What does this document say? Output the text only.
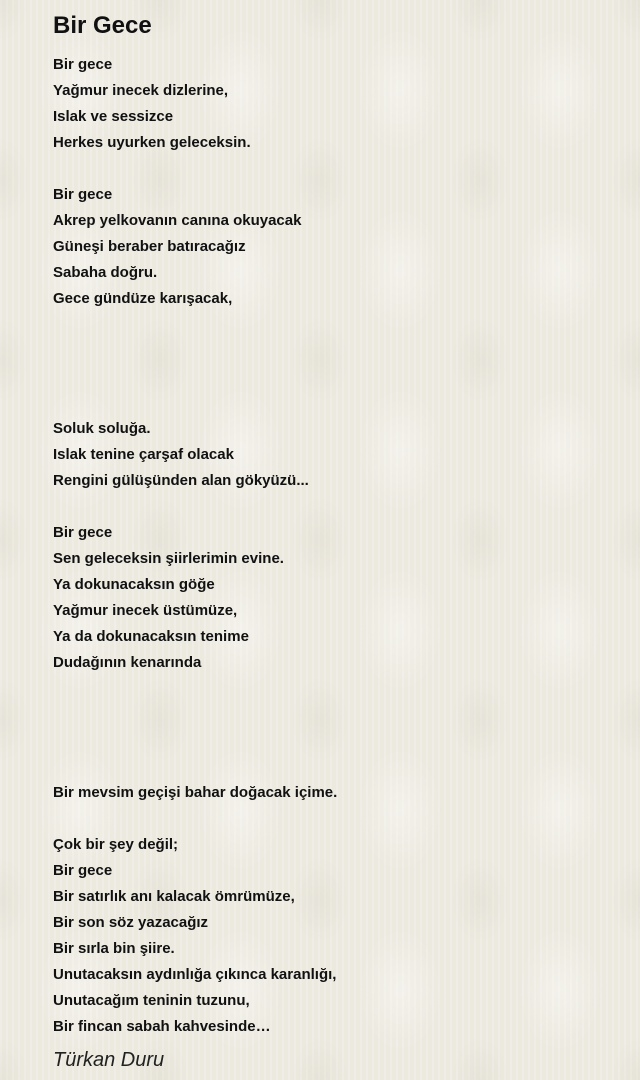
Bir Gece
Bir gece
Yağmur inecek dizlerine,
Islak ve sessizce
Herkes uyurken geleceksin.
Bir gece
Akrep yelkovanın canına okuyacak
Güneşi beraber batıracağız
Sabaha doğru.
Gece gündüze karışacak,
Soluk soluğa.
Islak tenine çarşaf olacak
Rengini gülüşünden alan gökyüzü...
Bir gece
Sen geleceksin şiirlerimin evine.
Ya dokunacaksın göğe
Yağmur inecek üstümüze,
Ya da dokunacaksın tenime
Dudağının kenarında
Bir mevsim geçişi bahar doğacak içime.
Çok bir şey değil;
Bir gece
Bir satırlık anı kalacak ömrümüze,
Bir son söz yazacağız
Bir sırla bin şiire.
Unutacaksın aydınlığa çıkınca karanlığı,
Unutacağım teninin tuzunu,
Bir fincan sabah kahvesinde…
Türkan Duru
